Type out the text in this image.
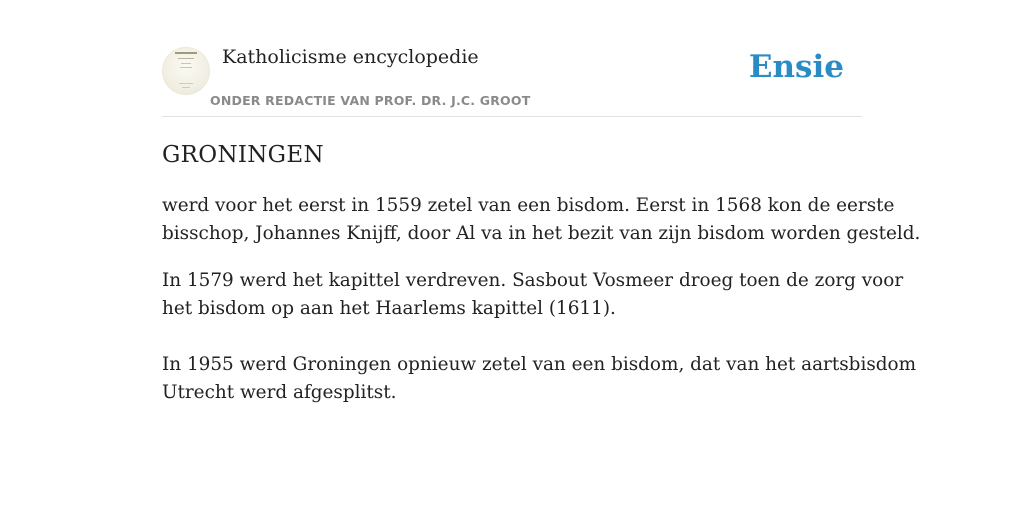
Katholicisme encyclopedie
ONDER REDACTIE VAN PROF. DR. J.C. GROOT
Ensie
GRONINGEN

werd voor het eerst in 1559 zetel van een bisdom. Eerst in 1568 kon de eerste
bisschop, Johannes Knijff, door Al va in het bezit van zijn bisdom worden gesteld.

In 1579 werd het kapittel verdreven. Sasbout Vosmeer droeg toen de zorg voor
het bisdom op aan het Haarlems kapittel (1611).

In 1955 werd Groningen opnieuw zetel van een bisdom, dat van het aartsbisdom
Utrecht werd afgesplitst.
